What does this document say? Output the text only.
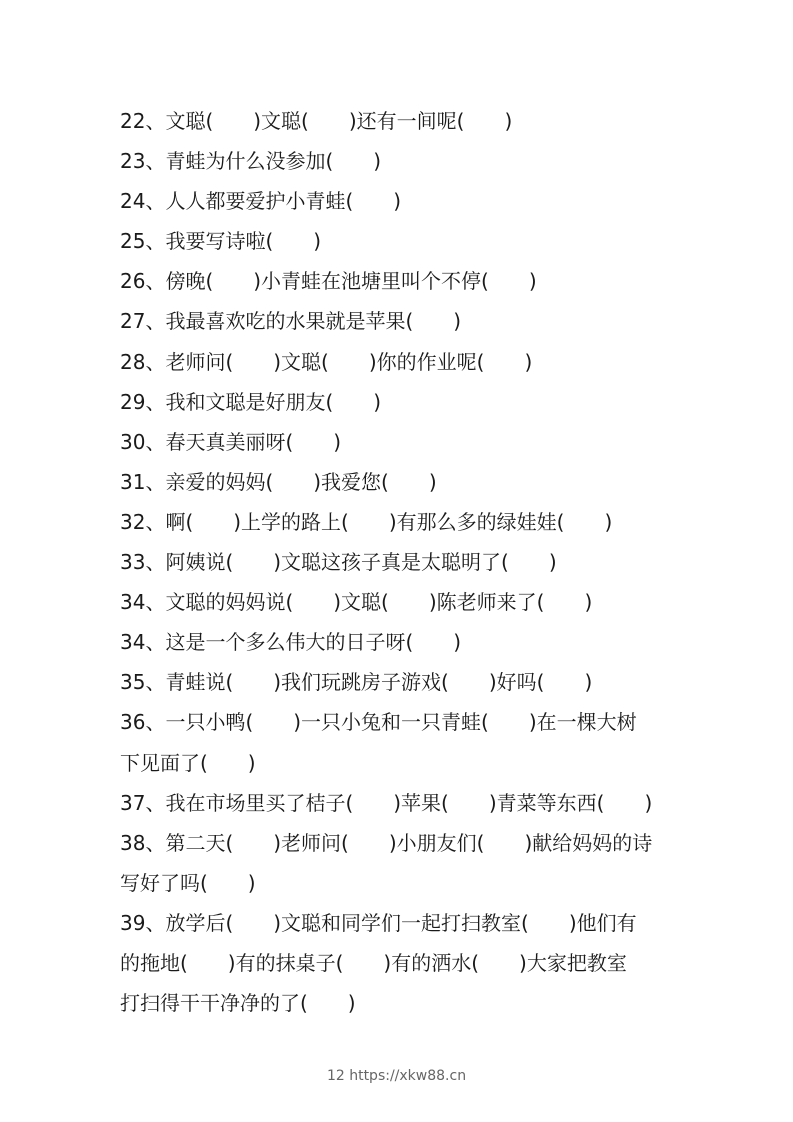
22、文聪(　　)文聪(　　)还有一间呢(　　)
23、青蛙为什么没参加(　　)
24、人人都要爱护小青蛙(　　)
25、我要写诗啦(　　)
26、傍晚(　　)小青蛙在池塘里叫个不停(　　)
27、我最喜欢吃的水果就是苹果(　　)
28、老师问(　　)文聪(　　)你的作业呢(　　)
29、我和文聪是好朋友(　　)
30、春天真美丽呀(　　)
31、亲爱的妈妈(　　)我爱您(　　)
32、啊(　　)上学的路上(　　)有那么多的绿娃娃(　　)
33、阿姨说(　　)文聪这孩子真是太聪明了(　　)
34、文聪的妈妈说(　　)文聪(　　)陈老师来了(　　)
34、这是一个多么伟大的日子呀(　　)
35、青蛙说(　　)我们玩跳房子游戏(　　)好吗(　　)
36、一只小鸭(　　)一只小兔和一只青蛙(　　)在一棵大树
下见面了(　　)
37、我在市场里买了桔子(　　)苹果(　　)青菜等东西(　　)
38、第二天(　　)老师问(　　)小朋友们(　　)献给妈妈的诗
写好了吗(　　)
39、放学后(　　)文聪和同学们一起打扫教室(　　)他们有
的拖地(　　)有的抹桌子(　　)有的洒水(　　)大家把教室
打扫得干干净净的了(　　)
12 https://xkw88.cn
